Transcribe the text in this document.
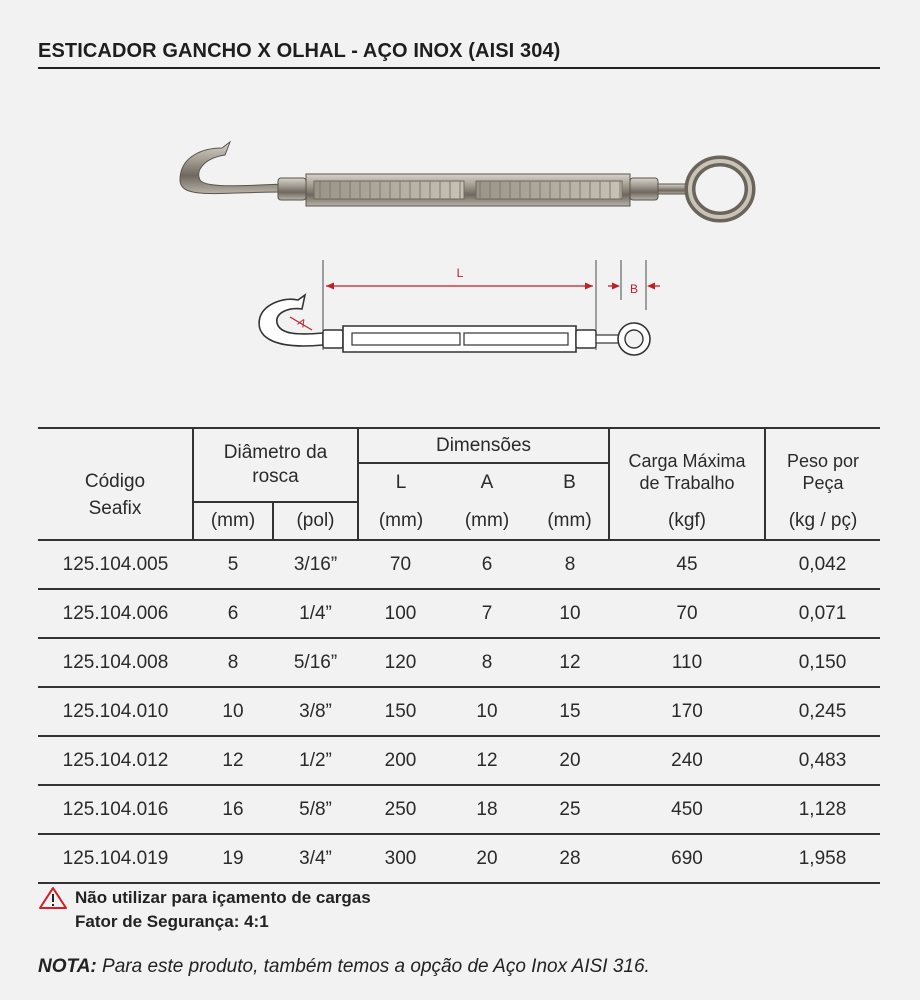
ESTICADOR GANCHO X OLHAL - AÇO INOX (AISI 304)
L
B
A
Código Seafix	Diâmetro da rosca		Dimensões			Carga Máxima de Trabalho	Peso por Peça
			L	A	B		
	(mm)	(pol)	(mm)	(mm)	(mm)	(kgf)	(kg / pç)
125.104.005	5	3/16”	70	6	8	45	0,042
125.104.006	6	1/4”	100	7	10	70	0,071
125.104.008	8	5/16”	120	8	12	110	0,150
125.104.010	10	3/8”	150	10	15	170	0,245
125.104.012	12	1/2”	200	12	20	240	0,483
125.104.016	16	5/8”	250	18	25	450	1,128
125.104.019	19	3/4”	300	20	28	690	1,958
Não utilizar para içamento de cargas
Fator de Segurança: 4:1
NOTA: Para este produto, também temos a opção de Aço Inox AISI 316.
